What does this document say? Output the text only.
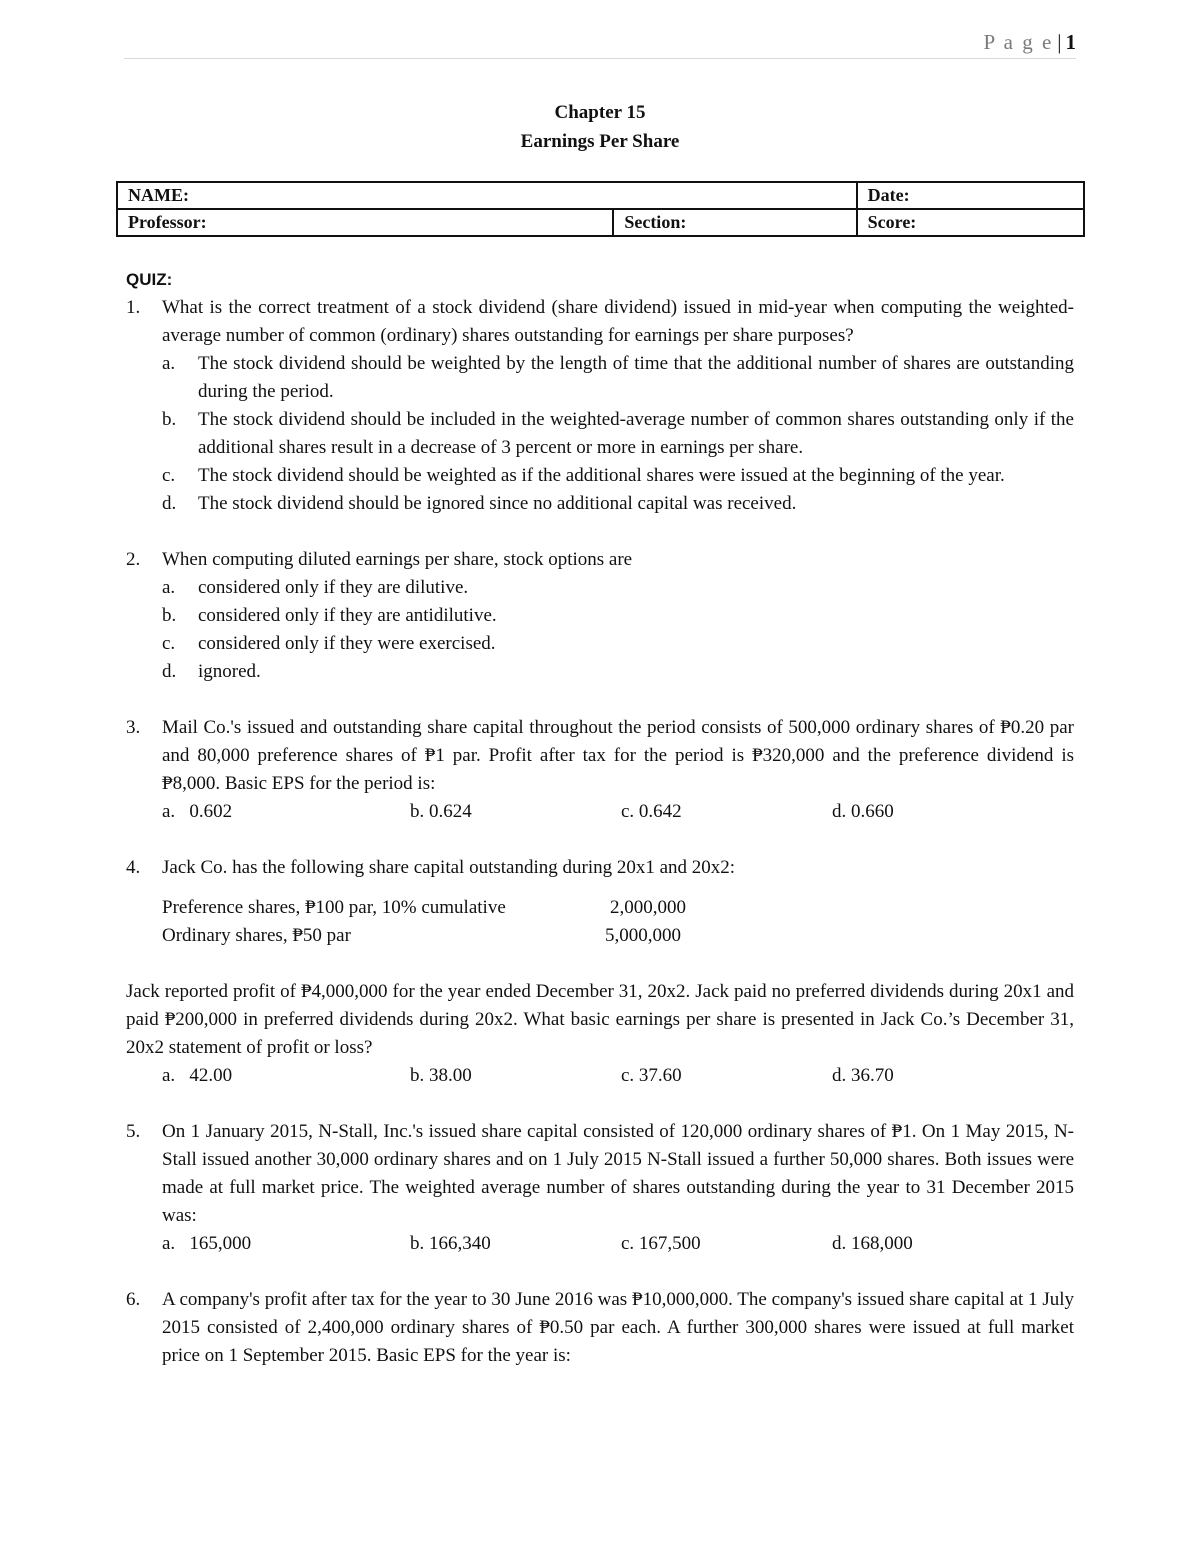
P a g e | 1
Chapter 15
Earnings Per Share
NAME:		Date:
Professor:	Section:	Score:
QUIZ:
1.	What is the correct treatment of a stock dividend (share dividend) issued in mid-year when computing the weighted-average number of common (ordinary) shares outstanding for earnings per share purposes?
a.	The stock dividend should be weighted by the length of time that the additional number of shares are outstanding during the period.
b.	The stock dividend should be included in the weighted-average number of common shares outstanding only if the additional shares result in a decrease of 3 percent or more in earnings per share.
c.	The stock dividend should be weighted as if the additional shares were issued at the beginning of the year.
d.	The stock dividend should be ignored since no additional capital was received.
2.	When computing diluted earnings per share, stock options are
a.	considered only if they are dilutive.
b.	considered only if they are antidilutive.
c.	considered only if they were exercised.
d.	ignored.
3.	Mail Co.'s issued and outstanding share capital throughout the period consists of 500,000 ordinary shares of ₱0.20 par and 80,000 preference shares of ₱1 par. Profit after tax for the period is ₱320,000 and the preference dividend is ₱8,000. Basic EPS for the period is:
a.   0.602	b. 0.624	c. 0.642	d. 0.660
4.	Jack Co. has the following share capital outstanding during 20x1 and 20x2:
Preference shares, ₱100 par, 10% cumulative	2,000,000
Ordinary shares, ₱50 par	5,000,000
Jack reported profit of ₱4,000,000 for the year ended December 31, 20x2. Jack paid no preferred dividends during 20x1 and paid ₱200,000 in preferred dividends during 20x2. What basic earnings per share is presented in Jack Co.’s December 31, 20x2 statement of profit or loss?
a.   42.00	b. 38.00	c. 37.60	d. 36.70
5.	On 1 January 2015, N-Stall, Inc.'s issued share capital consisted of 120,000 ordinary shares of ₱1. On 1 May 2015, N-Stall issued another 30,000 ordinary shares and on 1 July 2015 N-Stall issued a further 50,000 shares. Both issues were made at full market price. The weighted average number of shares outstanding during the year to 31 December 2015 was:
a.   165,000	b. 166,340	c. 167,500	d. 168,000
6.	A company's profit after tax for the year to 30 June 2016 was ₱10,000,000. The company's issued share capital at 1 July 2015 consisted of 2,400,000 ordinary shares of ₱0.50 par each. A further 300,000 shares were issued at full market price on 1 September 2015. Basic EPS for the year is:
